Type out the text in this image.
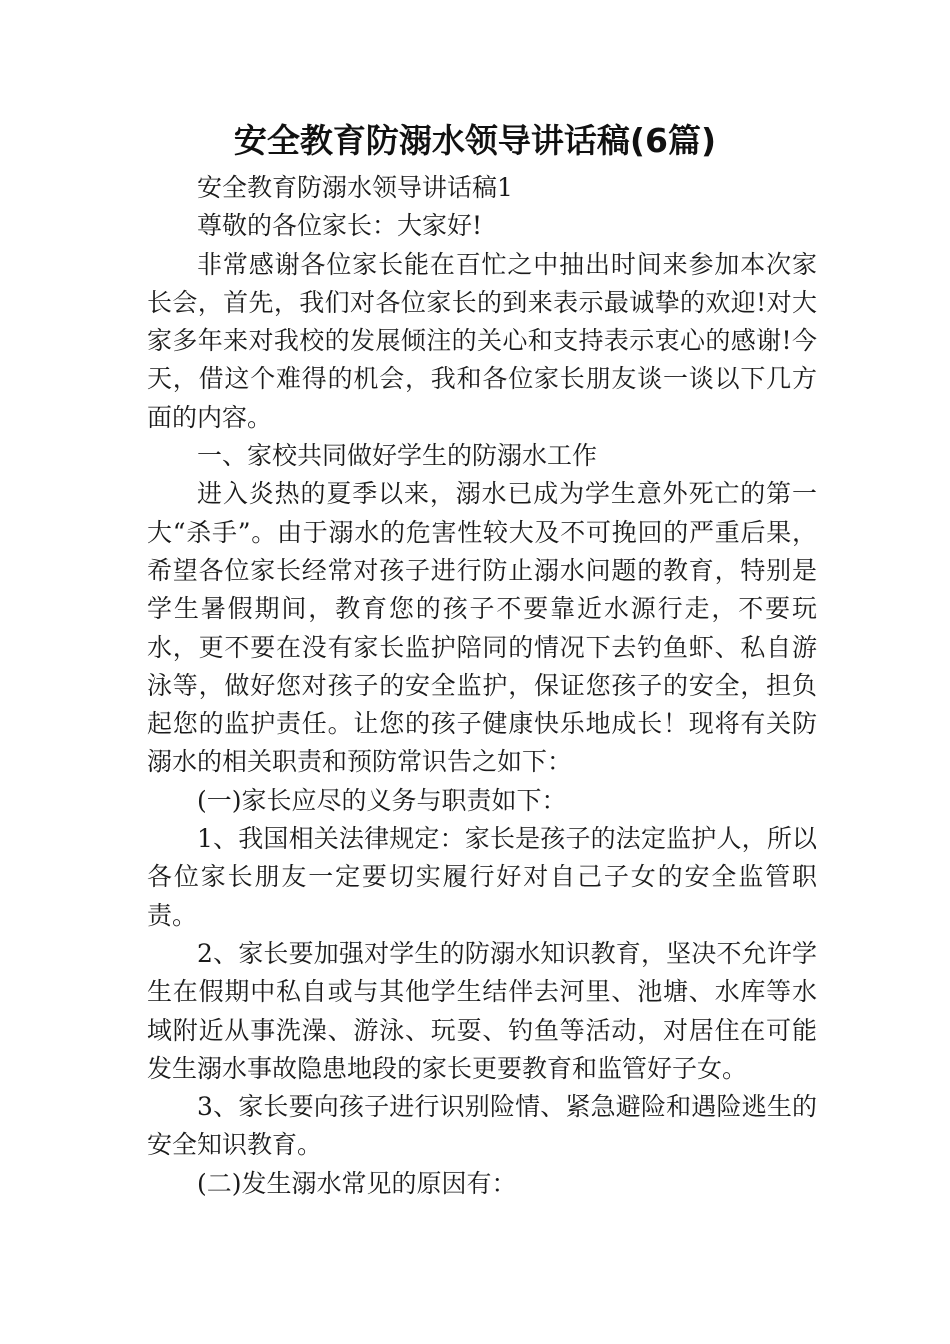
安全教育防溺水领导讲话稿(6篇)

安全教育防溺水领导讲话稿1

尊敬的各位家长：大家好!

非常感谢各位家长能在百忙之中抽出时间来参加本次家长会，首先，我们对各位家长的到来表示最诚挚的欢迎!对大家多年来对我校的发展倾注的关心和支持表示衷心的感谢!今天，借这个难得的机会，我和各位家长朋友谈一谈以下几方面的内容。

一、家校共同做好学生的防溺水工作

进入炎热的夏季以来，溺水已成为学生意外死亡的第一大“杀手”。由于溺水的危害性较大及不可挽回的严重后果，希望各位家长经常对孩子进行防止溺水问题的教育，特别是学生暑假期间，教育您的孩子不要靠近水源行走，不要玩水，更不要在没有家长监护陪同的情况下去钓鱼虾、私自游泳等，做好您对孩子的安全监护，保证您孩子的安全，担负起您的监护责任。让您的孩子健康快乐地成长！现将有关防溺水的相关职责和预防常识告之如下：

(一)家长应尽的义务与职责如下：

1、我国相关法律规定：家长是孩子的法定监护人，所以各位家长朋友一定要切实履行好对自己子女的安全监管职责。

2、家长要加强对学生的防溺水知识教育，坚决不允许学生在假期中私自或与其他学生结伴去河里、池塘、水库等水域附近从事洗澡、游泳、玩耍、钓鱼等活动，对居住在可能发生溺水事故隐患地段的家长更要教育和监管好子女。

3、家长要向孩子进行识别险情、紧急避险和遇险逃生的安全知识教育。

(二)发生溺水常见的原因有：
